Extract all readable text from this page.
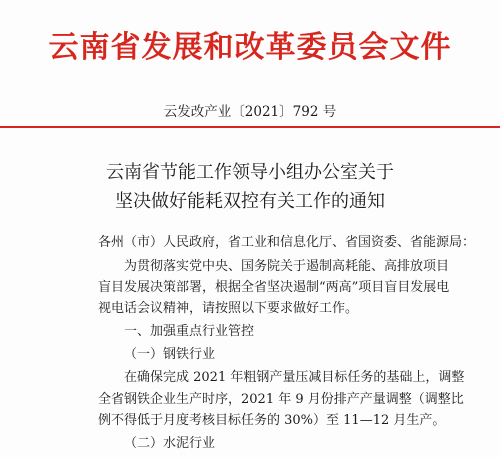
云南省发展和改革委员会文件
云发改产业〔2021〕792 号
云南省节能工作领导小组办公室关于
坚决做好能耗双控有关工作的通知
各州（市）人民政府，省工业和信息化厅、省国资委、省能源局：
为贯彻落实党中央、国务院关于遏制高耗能、高排放项目
盲目发展决策部署，根据全省坚决遏制“两高”项目盲目发展电
视电话会议精神，请按照以下要求做好工作。
一、加强重点行业管控
（一）钢铁行业
在确保完成 2021 年粗钢产量压减目标任务的基础上，调整
全省钢铁企业生产时序，2021 年 9 月份排产产量调整（调整比
例不得低于月度考核目标任务的 30%）至 11—12 月生产。
（二）水泥行业
